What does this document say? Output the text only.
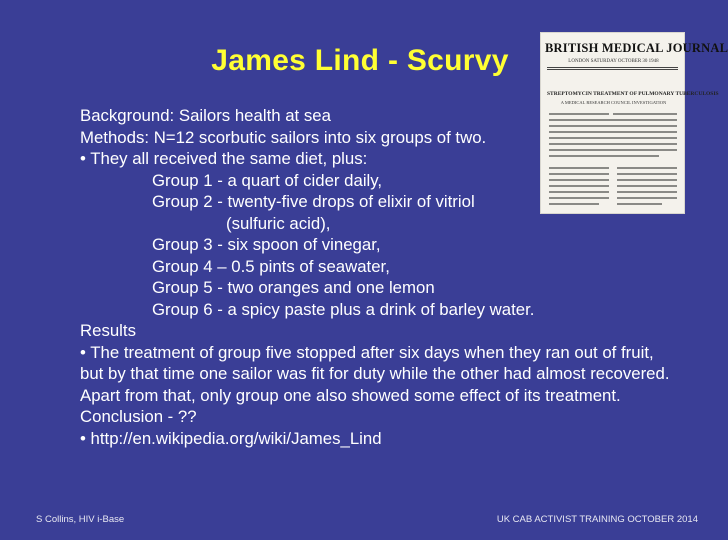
James Lind - Scurvy	BRITISH MEDICAL JOURNAL
LONDON SATURDAY OCTOBER 30 1948
STREPTOMYCIN TREATMENT OF PULMONARY TUBERCULOSIS
A MEDICAL RESEARCH COUNCIL INVESTIGATION
Background: Sailors health at sea
Methods: N=12 scorbutic sailors into six groups of two.
• They all received the same diet, plus:
Group 1 - a quart of cider daily,
Group 2 - twenty-five drops of elixir of vitriol
(sulfuric acid),
Group 3 - six spoon of vinegar,
Group 4 – 0.5 pints of seawater,
Group 5 - two oranges and one lemon
Group 6 - a spicy paste plus a drink of barley water.
Results
• The treatment of group five stopped after six days when they ran out of fruit, but by that time one sailor was fit for duty while the other had almost recovered. Apart from that, only group one also showed some effect of its treatment.
Conclusion - ??
• http://en.wikipedia.org/wiki/James_Lind
S Collins, HIV i-Base	UK CAB ACTIVIST TRAINING OCTOBER 2014
